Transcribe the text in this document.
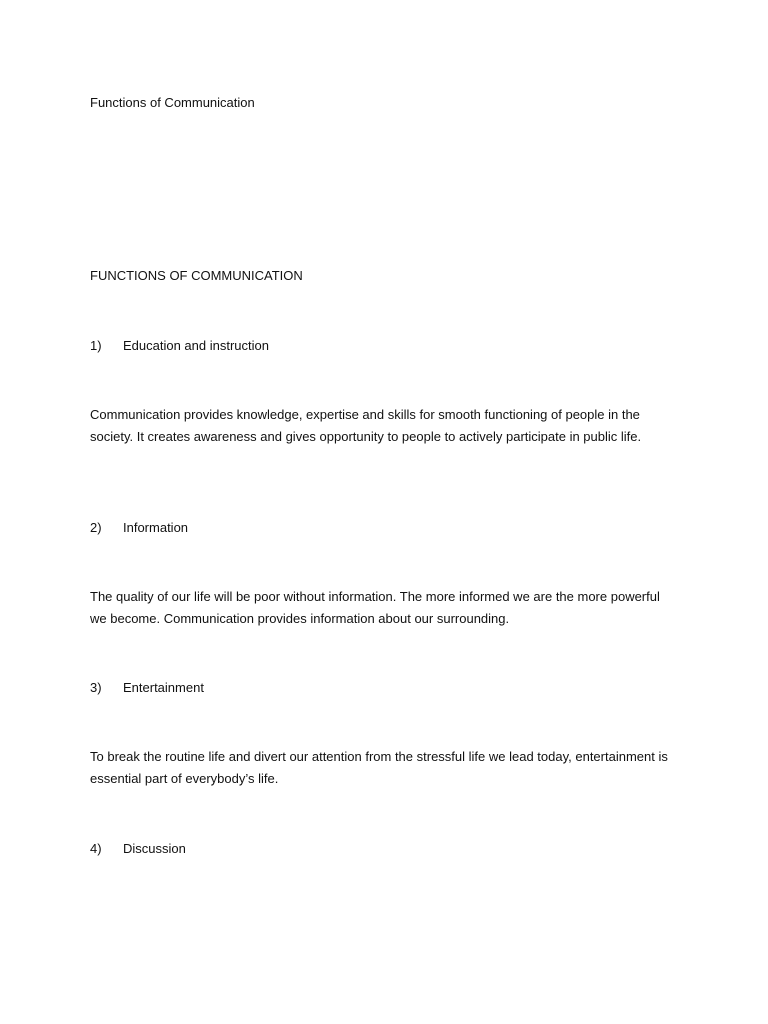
Functions of Communication

FUNCTIONS OF COMMUNICATION

1) Education and instruction

Communication provides knowledge, expertise and skills for smooth functioning of people in the society. It creates awareness and gives opportunity to people to actively participate in public life.

2) Information

The quality of our life will be poor without information. The more informed we are the more powerful we become. Communication provides information about our surrounding.

3) Entertainment

To break the routine life and divert our attention from the stressful life we lead today, entertainment is essential part of everybody’s life.

4) Discussion
